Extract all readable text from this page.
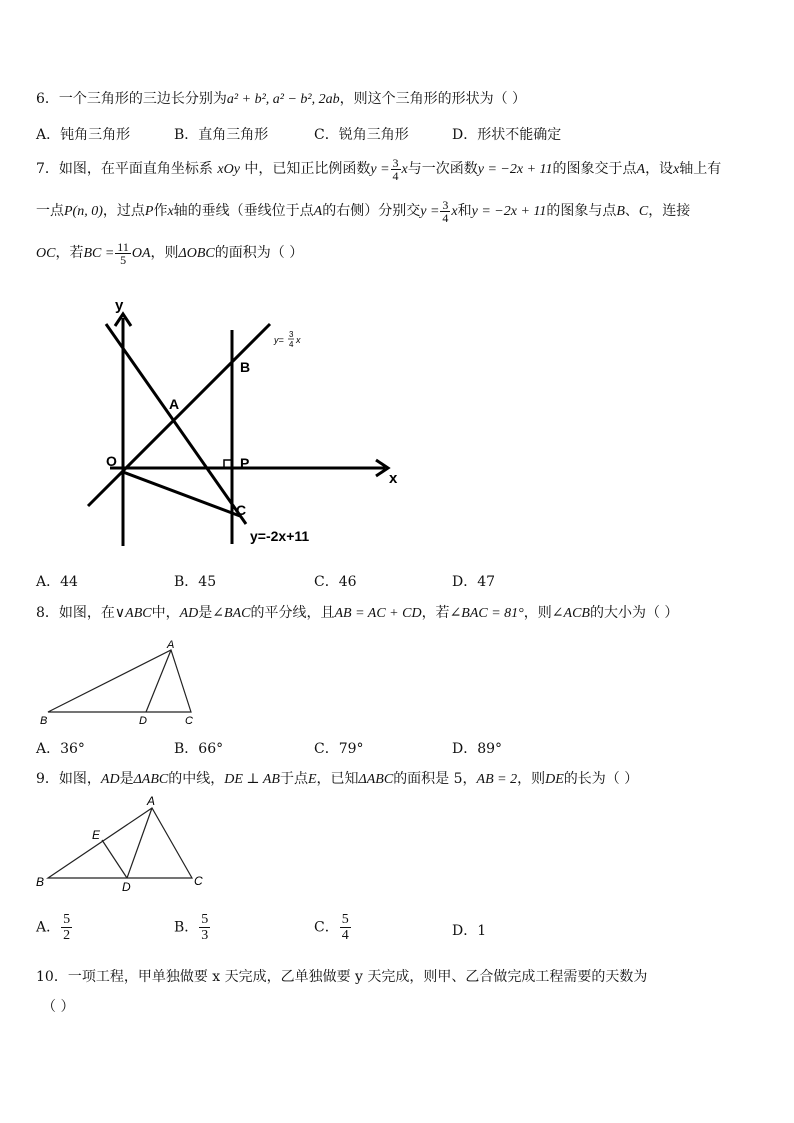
6．一个三角形的三边长分别为a² + b², a² − b², 2ab，则这个三角形的形状为（ ）
A．钝角三角形	B．直角三角形	C．锐角三角形	D．形状不能确定
7．如图，在平面直角坐标系 xOy 中，已知正比例函数$y = \frac{3}{4}$ x与一次函数y = −2x + 11的图象交于点A，设x轴上有
一点P(n, 0)，过点P作x轴的垂线（垂线位于点A的右侧）分别交$y = \frac{3}{4}$ x和y = −2x + 11的图象与点B、C，连接
OC，若BC = $\frac{11}{5}$ OA，则ΔOBC的面积为（ ）
y
x
O
A
B
P
C
y=
3
4 x
y=-2x+11
A．44	B．45	C．46	D．47
8．如图，在∨ABC中，AD是∠BAC的平分线，且AB = AC + CD，若∠BAC = 81°，则∠ACB的大小为（ ）
A
B	D	C
A．36°	B．66°	C．79°	D．89°
9．如图，AD是ΔABC的中线，DE ⊥ AB于点E，已知ΔABC的面积是 5，AB = 2，则DE的长为（ ）
A
B	D	C
E
A． $\frac{5}{2}$	B． $\frac{5}{3}$	C． $\frac{5}{4}$	D．1
10．一项工程，甲单独做要 x 天完成，乙单独做要 y 天完成，则甲、乙合做完成工程需要的天数为
（ ）
